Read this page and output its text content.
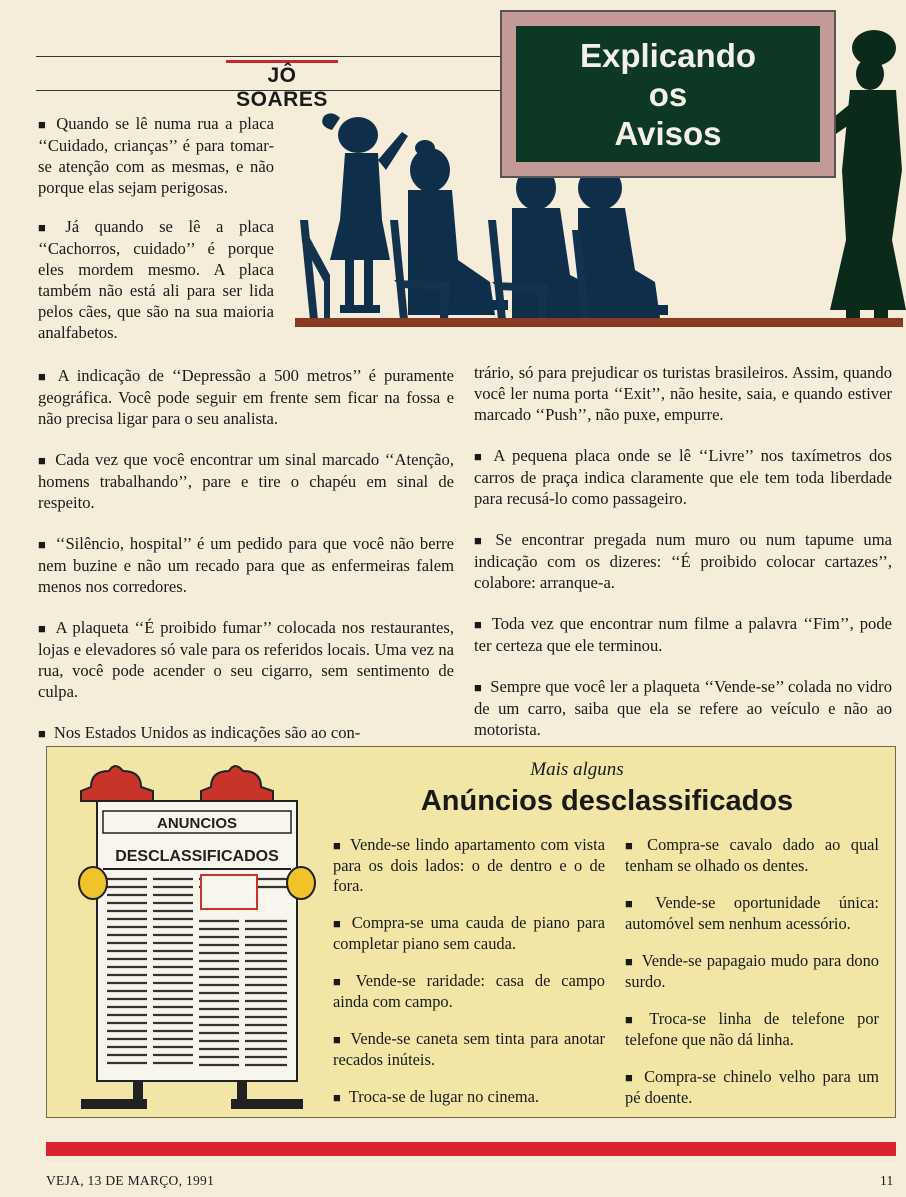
JÔ SOARES
Explicando
os
Avisos

■ Quando se lê numa rua a placa ‘‘Cuidado, crianças’’ é para tomar-se atenção com as mesmas, e não porque elas sejam perigosas.

■ Já quando se lê a placa ‘‘Cachorros, cuidado’’ é porque eles mordem mesmo. A placa também não está ali para ser lida pelos cães, que são na sua maioria analfabetos.

■ A indicação de ‘‘Depressão a 500 metros’’ é puramente geográfica. Você pode seguir em frente sem ficar na fossa e não precisa ligar para o seu analista.

■ Cada vez que você encontrar um sinal marcado ‘‘Atenção, homens trabalhando’’, pare e tire o chapéu em sinal de respeito.

■ ‘‘Silêncio, hospital’’ é um pedido para que você não berre nem buzine e não um recado para que as enfermeiras falem menos nos corredores.

■ A plaqueta ‘‘É proibido fumar’’ colocada nos restaurantes, lojas e elevadores só vale para os referidos locais. Uma vez na rua, você pode acender o seu cigarro, sem sentimento de culpa.

■ Nos Estados Unidos as indicações são ao con-

trário, só para prejudicar os turistas brasileiros. Assim, quando você ler numa porta ‘‘Exit’’, não hesite, saia, e quando estiver marcado ‘‘Push’’, não puxe, empurre.

■ A pequena placa onde se lê ‘‘Livre’’ nos taxímetros dos carros de praça indica claramente que ele tem toda liberdade para recusá-lo como passageiro.

■ Se encontrar pregada num muro ou num tapume uma indicação com os dizeres: ‘‘É proibido colocar cartazes’’, colabore: arranque-a.

■ Toda vez que encontrar num filme a palavra ‘‘Fim’’, pode ter certeza que ele terminou.

■ Sempre que você ler a plaqueta ‘‘Vende-se’’ colada no vidro de um carro, saiba que ela se refere ao veículo e não ao motorista.

Mais alguns
Anúncios desclassificados
ANUNCIOS
DESCLASSIFICADOS

■ Vende-se lindo apartamento com vista para os dois lados: o de dentro e o de fora.

■ Compra-se uma cauda de piano para completar piano sem cauda.

■ Vende-se raridade: casa de campo ainda com campo.

■ Vende-se caneta sem tinta para anotar recados inúteis.

■ Troca-se de lugar no cinema.

■ Compra-se cavalo dado ao qual tenham se olhado os dentes.

■ Vende-se oportunidade única: automóvel sem nenhum acessório.

■ Vende-se papagaio mudo para dono surdo.

■ Troca-se linha de telefone por telefone que não dá linha.

■ Compra-se chinelo velho para um pé doente.

VEJA, 13 DE MARÇO, 1991	11
